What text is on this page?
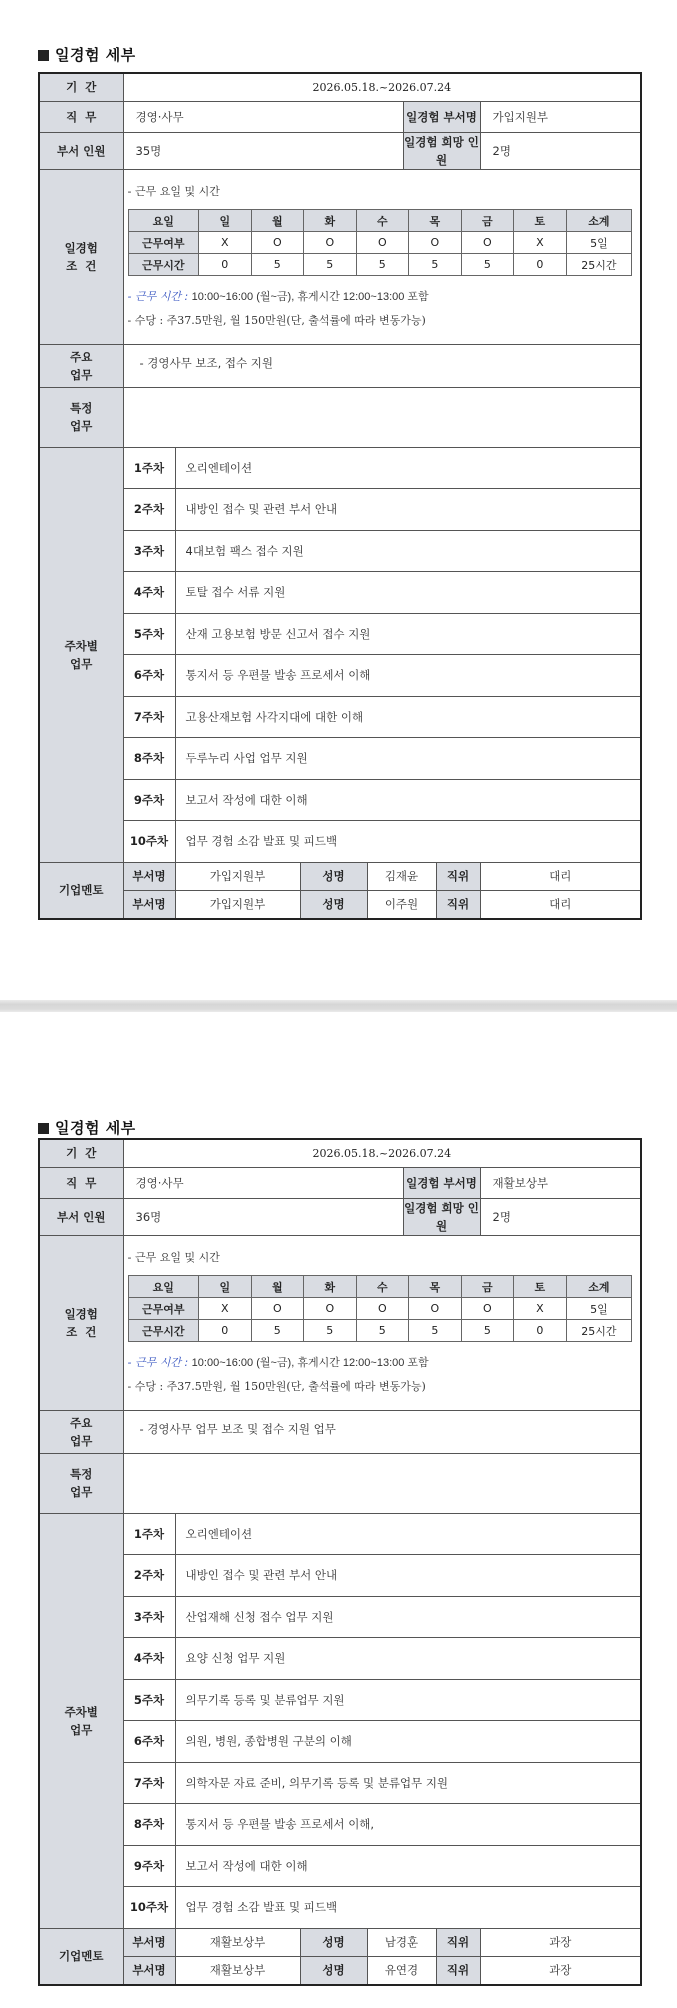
일경험 세부
기  간	2026.05.18.~2026.07.24
직  무	경영·사무	일경험 부서명	가입지원부
부서 인원	35명	일경험 희망 인원	2명

일경험
조  건

- 근무 요일 및 시간
요일	일	월	화	수	목	금	토	소계
근무여부	X	O	O	O	O	O	X	5일
근무시간	0	5	5	5	5	5	0	25시간
- 근무 시간 : 10:00~16:00 (월~금), 휴게시간 12:00~13:00 포함
- 수당 : 주37.5만원, 월 150만원(단, 출석률에 따라 변동가능)

주요
업무
	- 경영사무 보조, 접수 지원

특정
업무

주차별
업무
	1주차	오리엔테이션
2주차	내방인 접수 및 관련 부서 안내
3주차	4대보험 팩스 접수 지원
4주차	토탈 접수 서류 지원
5주차	산재 고용보험 방문 신고서 접수 지원
6주차	통지서 등 우편물 발송 프로세서 이해
7주차	고용산재보험 사각지대에 대한 이해
8주차	두루누리 사업 업무 지원
9주차	보고서 작성에 대한 이해
10주차	업무 경험 소감 발표 및 피드백
기업멘토	부서명	가입지원부	성명	김재윤	직위	대리
부서명	가입지원부	성명	이주원	직위	대리
일경험 세부
기  간	2026.05.18.~2026.07.24
직  무	경영·사무	일경험 부서명	재활보상부
부서 인원	36명	일경험 희망 인원	2명

일경험
조  건

- 근무 요일 및 시간
요일	일	월	화	수	목	금	토	소계
근무여부	X	O	O	O	O	O	X	5일
근무시간	0	5	5	5	5	5	0	25시간
- 근무 시간 : 10:00~16:00 (월~금), 휴게시간 12:00~13:00 포함
- 수당 : 주37.5만원, 월 150만원(단, 출석률에 따라 변동가능)

주요
업무
	- 경영사무 업무 보조 및 접수 지원 업무

특정
업무

주차별
업무
	1주차	오리엔테이션
2주차	내방인 접수 및 관련 부서 안내
3주차	산업재해 신청 접수 업무 지원
4주차	요양 신청 업무 지원
5주차	의무기록 등록 및 분류업무 지원
6주차	의원, 병원, 종합병원 구분의 이해
7주차	의학자문 자료 준비, 의무기록 등록 및 분류업무 지원
8주차	통지서 등 우편물 발송 프로세서 이해,
9주차	보고서 작성에 대한 이해
10주차	업무 경험 소감 발표 및 피드백
기업멘토	부서명	재활보상부	성명	남경훈	직위	과장
부서명	재활보상부	성명	유연경	직위	과장
